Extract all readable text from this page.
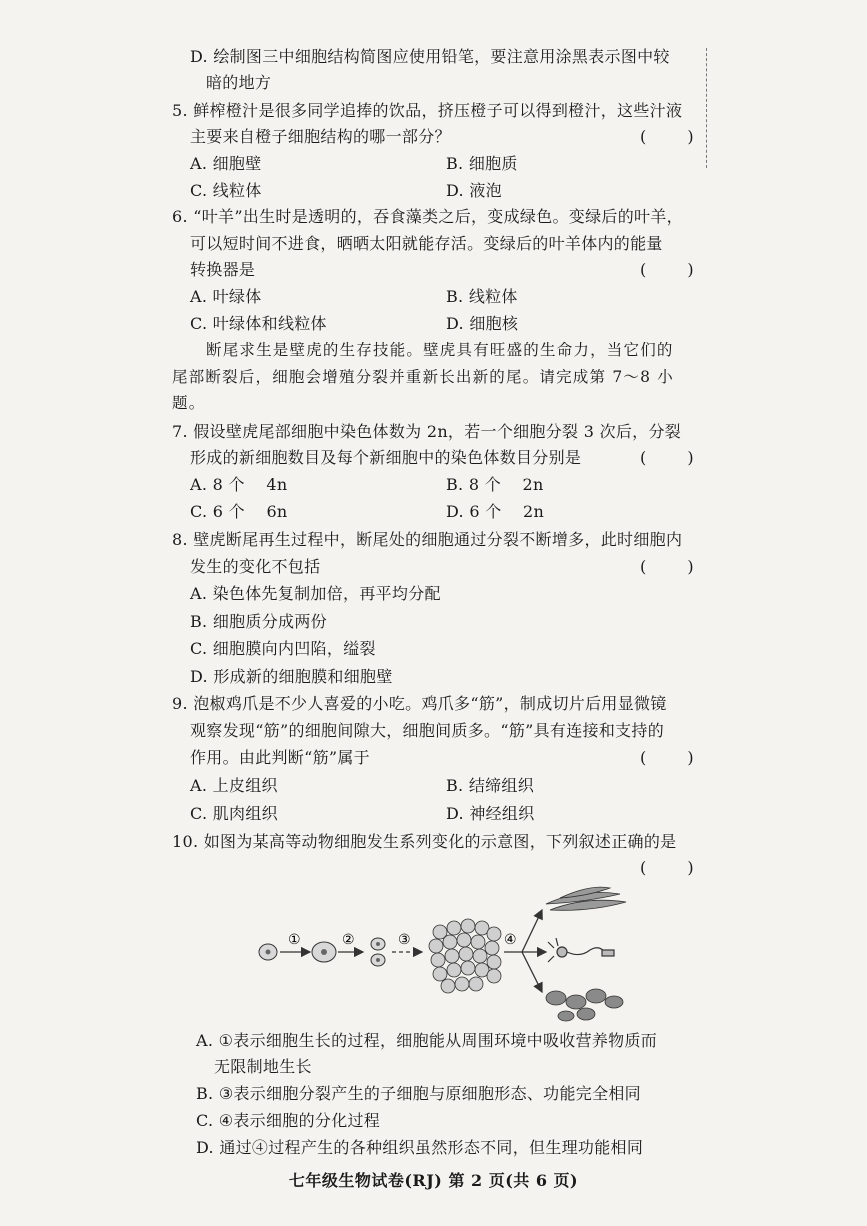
D. 绘制图三中细胞结构简图应使用铅笔，要注意用涂黑表示图中较
暗的地方
5. 鲜榨橙汁是很多同学追捧的饮品，挤压橙子可以得到橙汁，这些汁液
主要来自橙子细胞结构的哪一部分？	( )
A. 细胞壁	B. 细胞质
C. 线粒体	D. 液泡
6. “叶羊”出生时是透明的，吞食藻类之后，变成绿色。变绿后的叶羊，
可以短时间不进食，晒晒太阳就能存活。变绿后的叶羊体内的能量
转换器是	( )
A. 叶绿体	B. 线粒体
C. 叶绿体和线粒体	D. 细胞核
断尾求生是壁虎的生存技能。壁虎具有旺盛的生命力，当它们的
尾部断裂后，细胞会增殖分裂并重新长出新的尾。请完成第 7～8 小
题。
7. 假设壁虎尾部细胞中染色体数为 2n，若一个细胞分裂 3 次后，分裂
形成的新细胞数目及每个新细胞中的染色体数目分别是	( )
A. 8 个    4n	B. 8 个    2n
C. 6 个    6n	D. 6 个    2n
8. 壁虎断尾再生过程中，断尾处的细胞通过分裂不断增多，此时细胞内
发生的变化不包括	( )
A. 染色体先复制加倍，再平均分配
B. 细胞质分成两份
C. 细胞膜向内凹陷，缢裂
D. 形成新的细胞膜和细胞壁
9. 泡椒鸡爪是不少人喜爱的小吃。鸡爪多“筋”，制成切片后用显微镜
观察发现“筋”的细胞间隙大，细胞间质多。“筋”具有连接和支持的
作用。由此判断“筋”属于	( )
A. 上皮组织	B. 结缔组织
C. 肌肉组织	D. 神经组织
10. 如图为某高等动物细胞发生系列变化的示意图，下列叙述正确的是
( )
①	②	③	④
A. ①表示细胞生长的过程，细胞能从周围环境中吸收营养物质而
无限制地生长
B. ③表示细胞分裂产生的子细胞与原细胞形态、功能完全相同
C. ④表示细胞的分化过程
D. 通过④过程产生的各种组织虽然形态不同，但生理功能相同
七年级生物试卷(RJ) 第 2 页(共 6 页)
